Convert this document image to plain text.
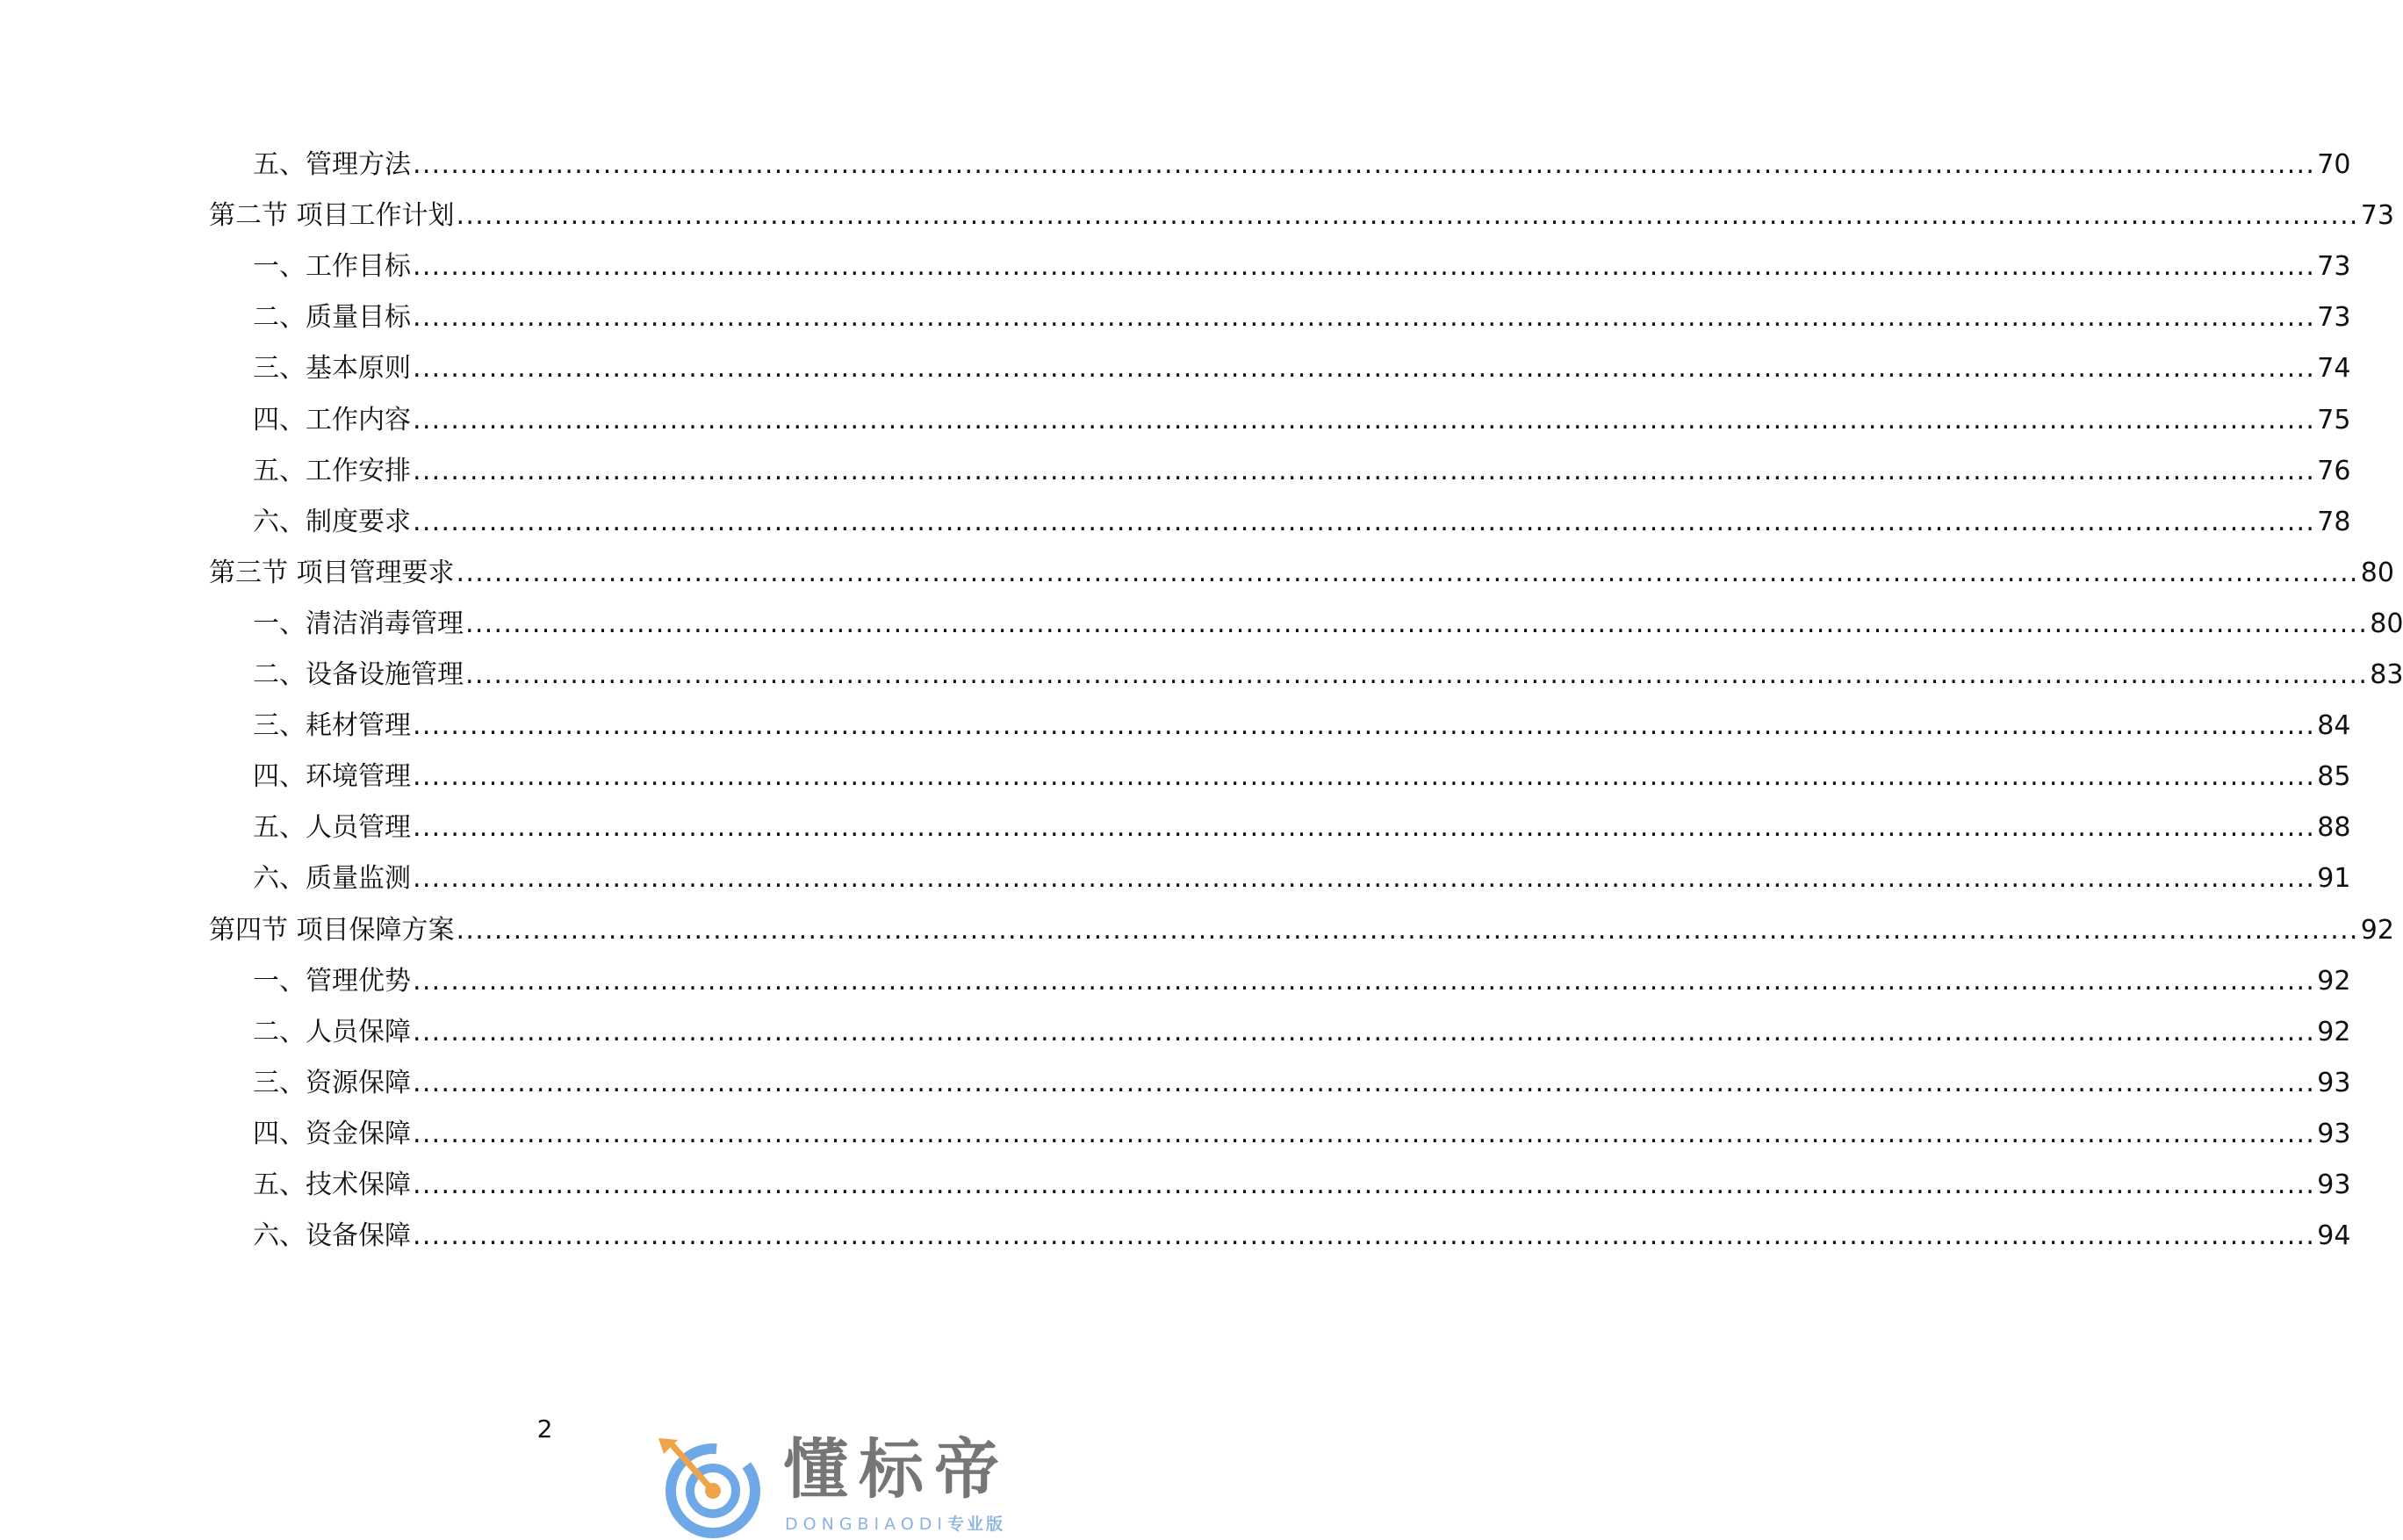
五、管理方法 ........................................................................................................................................................................................................ 70
第二节 项目工作计划 ........................................................................................................................................................................................................ 73
一、工作目标 ........................................................................................................................................................................................................ 73
二、质量目标 ........................................................................................................................................................................................................ 73
三、基本原则 ........................................................................................................................................................................................................ 74
四、工作内容 ........................................................................................................................................................................................................ 75
五、工作安排 ........................................................................................................................................................................................................ 76
六、制度要求 ........................................................................................................................................................................................................ 78
第三节 项目管理要求 ........................................................................................................................................................................................................ 80
一、清洁消毒管理 ........................................................................................................................................................................................................ 80
二、设备设施管理 ........................................................................................................................................................................................................ 83
三、耗材管理 ........................................................................................................................................................................................................ 84
四、环境管理 ........................................................................................................................................................................................................ 85
五、人员管理 ........................................................................................................................................................................................................ 88
六、质量监测 ........................................................................................................................................................................................................ 91
第四节 项目保障方案 ........................................................................................................................................................................................................ 92
一、管理优势 ........................................................................................................................................................................................................ 92
二、人员保障 ........................................................................................................................................................................................................ 92
三、资源保障 ........................................................................................................................................................................................................ 93
四、资金保障 ........................................................................................................................................................................................................ 93
五、技术保障 ........................................................................................................................................................................................................ 93
六、设备保障 ........................................................................................................................................................................................................ 94
2
懂标帝
DONGBIAODI专业版
